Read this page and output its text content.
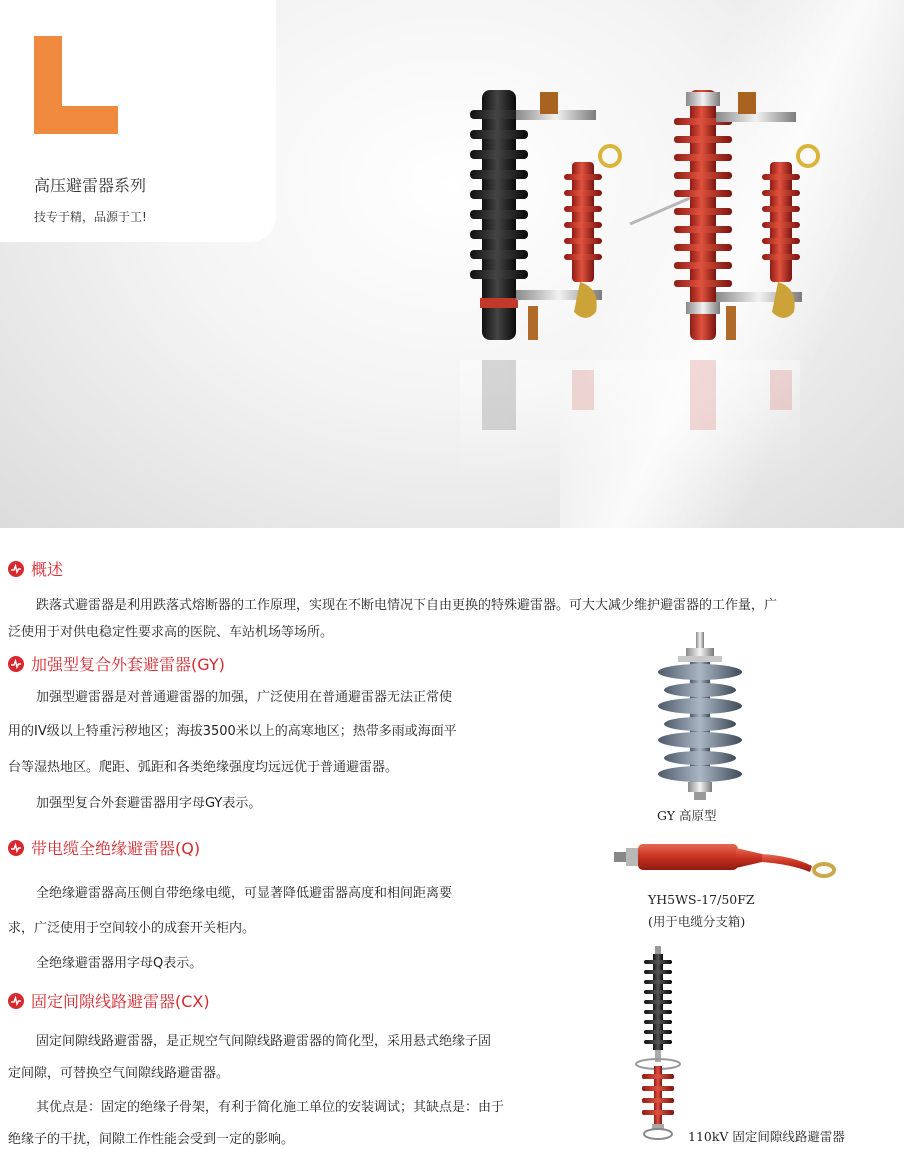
高压避雷器系列
技专于精，品源于工!
概述
跌落式避雷器是利用跌落式熔断器的工作原理，实现在不断电情况下自由更换的特殊避雷器。可大大减少维护避雷器的工作量，广
泛使用于对供电稳定性要求高的医院、车站机场等场所。
加强型复合外套避雷器(GY)
加强型避雷器是对普通避雷器的加强，广泛使用在普通避雷器无法正常使
用的IV级以上特重污秽地区；海拔3500米以上的高寒地区；热带多雨或海面平
台等湿热地区。爬距、弧距和各类绝缘强度均远远优于普通避雷器。
加强型复合外套避雷器用字母GY表示。
带电缆全绝缘避雷器(Q)
全绝缘避雷器高压侧自带绝缘电缆，可显著降低避雷器高度和相间距离要
求，广泛使用于空间较小的成套开关柜内。
全绝缘避雷器用字母Q表示。
固定间隙线路避雷器(CX)
固定间隙线路避雷器，是正规空气间隙线路避雷器的简化型，采用悬式绝缘子固
定间隙，可替换空气间隙线路避雷器。
其优点是：固定的绝缘子骨架，有利于简化施工单位的安装调试；其缺点是：由于
绝缘子的干扰，间隙工作性能会受到一定的影响。
GY 高原型
YH5WS-17/50FZ
(用于电缆分支箱)
110kV 固定间隙线路避雷器
